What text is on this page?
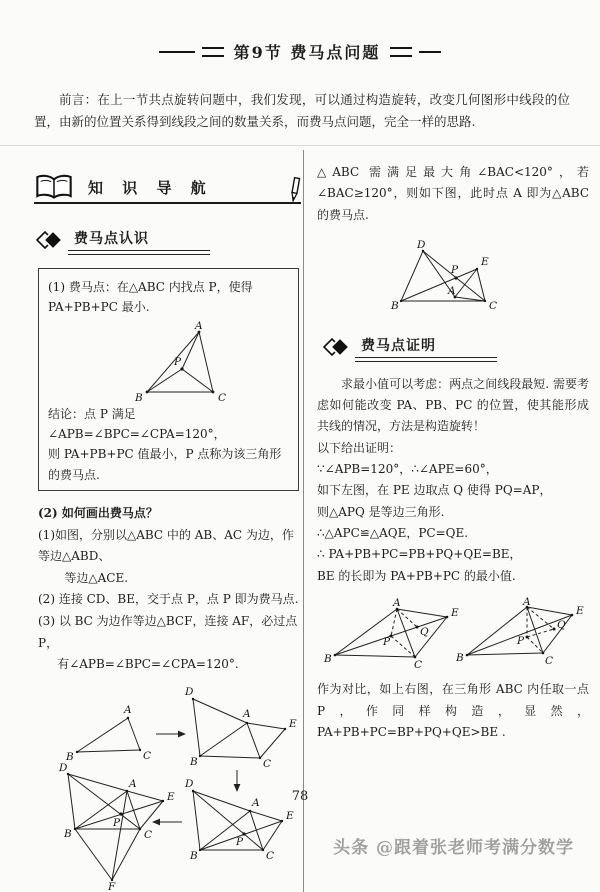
第9节 费马点问题

前言：在上一节共点旋转问题中，我们发现，可以通过构造旋转，改变几何图形中线段的位置，由新的位置关系得到线段之间的数量关系，而费马点问题，完全一样的思路.

知 识 导 航
费马点认识
(1) 费马点：在△ABC 内找点 P，使得 PA+PB+PC 最小.
A
B	C
P
结论：点 P 满足∠APB=∠BPC=∠CPA=120°，
则 PA+PB+PC 值最小，P 点称为该三角形的费马点.
(2) 如何画出费马点？
(1)如图，分别以△ABC 中的 AB、AC 为边，作等边△ABD、
等边△ACE.
(2) 连接 CD、BE，交于点 P，点 P 即为费马点.
(3) 以 BC 为边作等边△BCF，连接 AF，必过点 P，
有∠APB=∠BPC=∠CPA=120°.
A
B	C
D
A
E
B	C
D
A
E
B	C
P
D
A
E
B	C
P
F

△ABC 需满足最大角∠BAC<120°，若∠BAC≥120°，则如下图，此时点 A 即为△ABC 的费马点.

D
B	C
E
A
P
费马点证明
求最小值可以考虑：两点之间线段最短. 需要考虑如何能改变 PA、PB、PC 的位置，使其能形成共线的情况，方法是构造旋转！
以下给出证明：
∵∠APB=120°，∴∠APE=60°，
如下左图，在 PE 边取点 Q 使得 PQ=AP，
则△APQ 是等边三角形.
∴△APC≌△AQE，PC=QE.
∴ PA+PB+PC=PB+PQ+QE=BE，
BE 的长即为 PA+PB+PC 的最小值.
A
E
Q
P
B	C
A
E
Q
P
B	C

作为对比，如上右图，在三角形 ABC 内任取一点 P，作同样构造，显然， PA+PB+PC=BP+PQ+QE>BE .

78
头条 @跟着张老师考满分数学
